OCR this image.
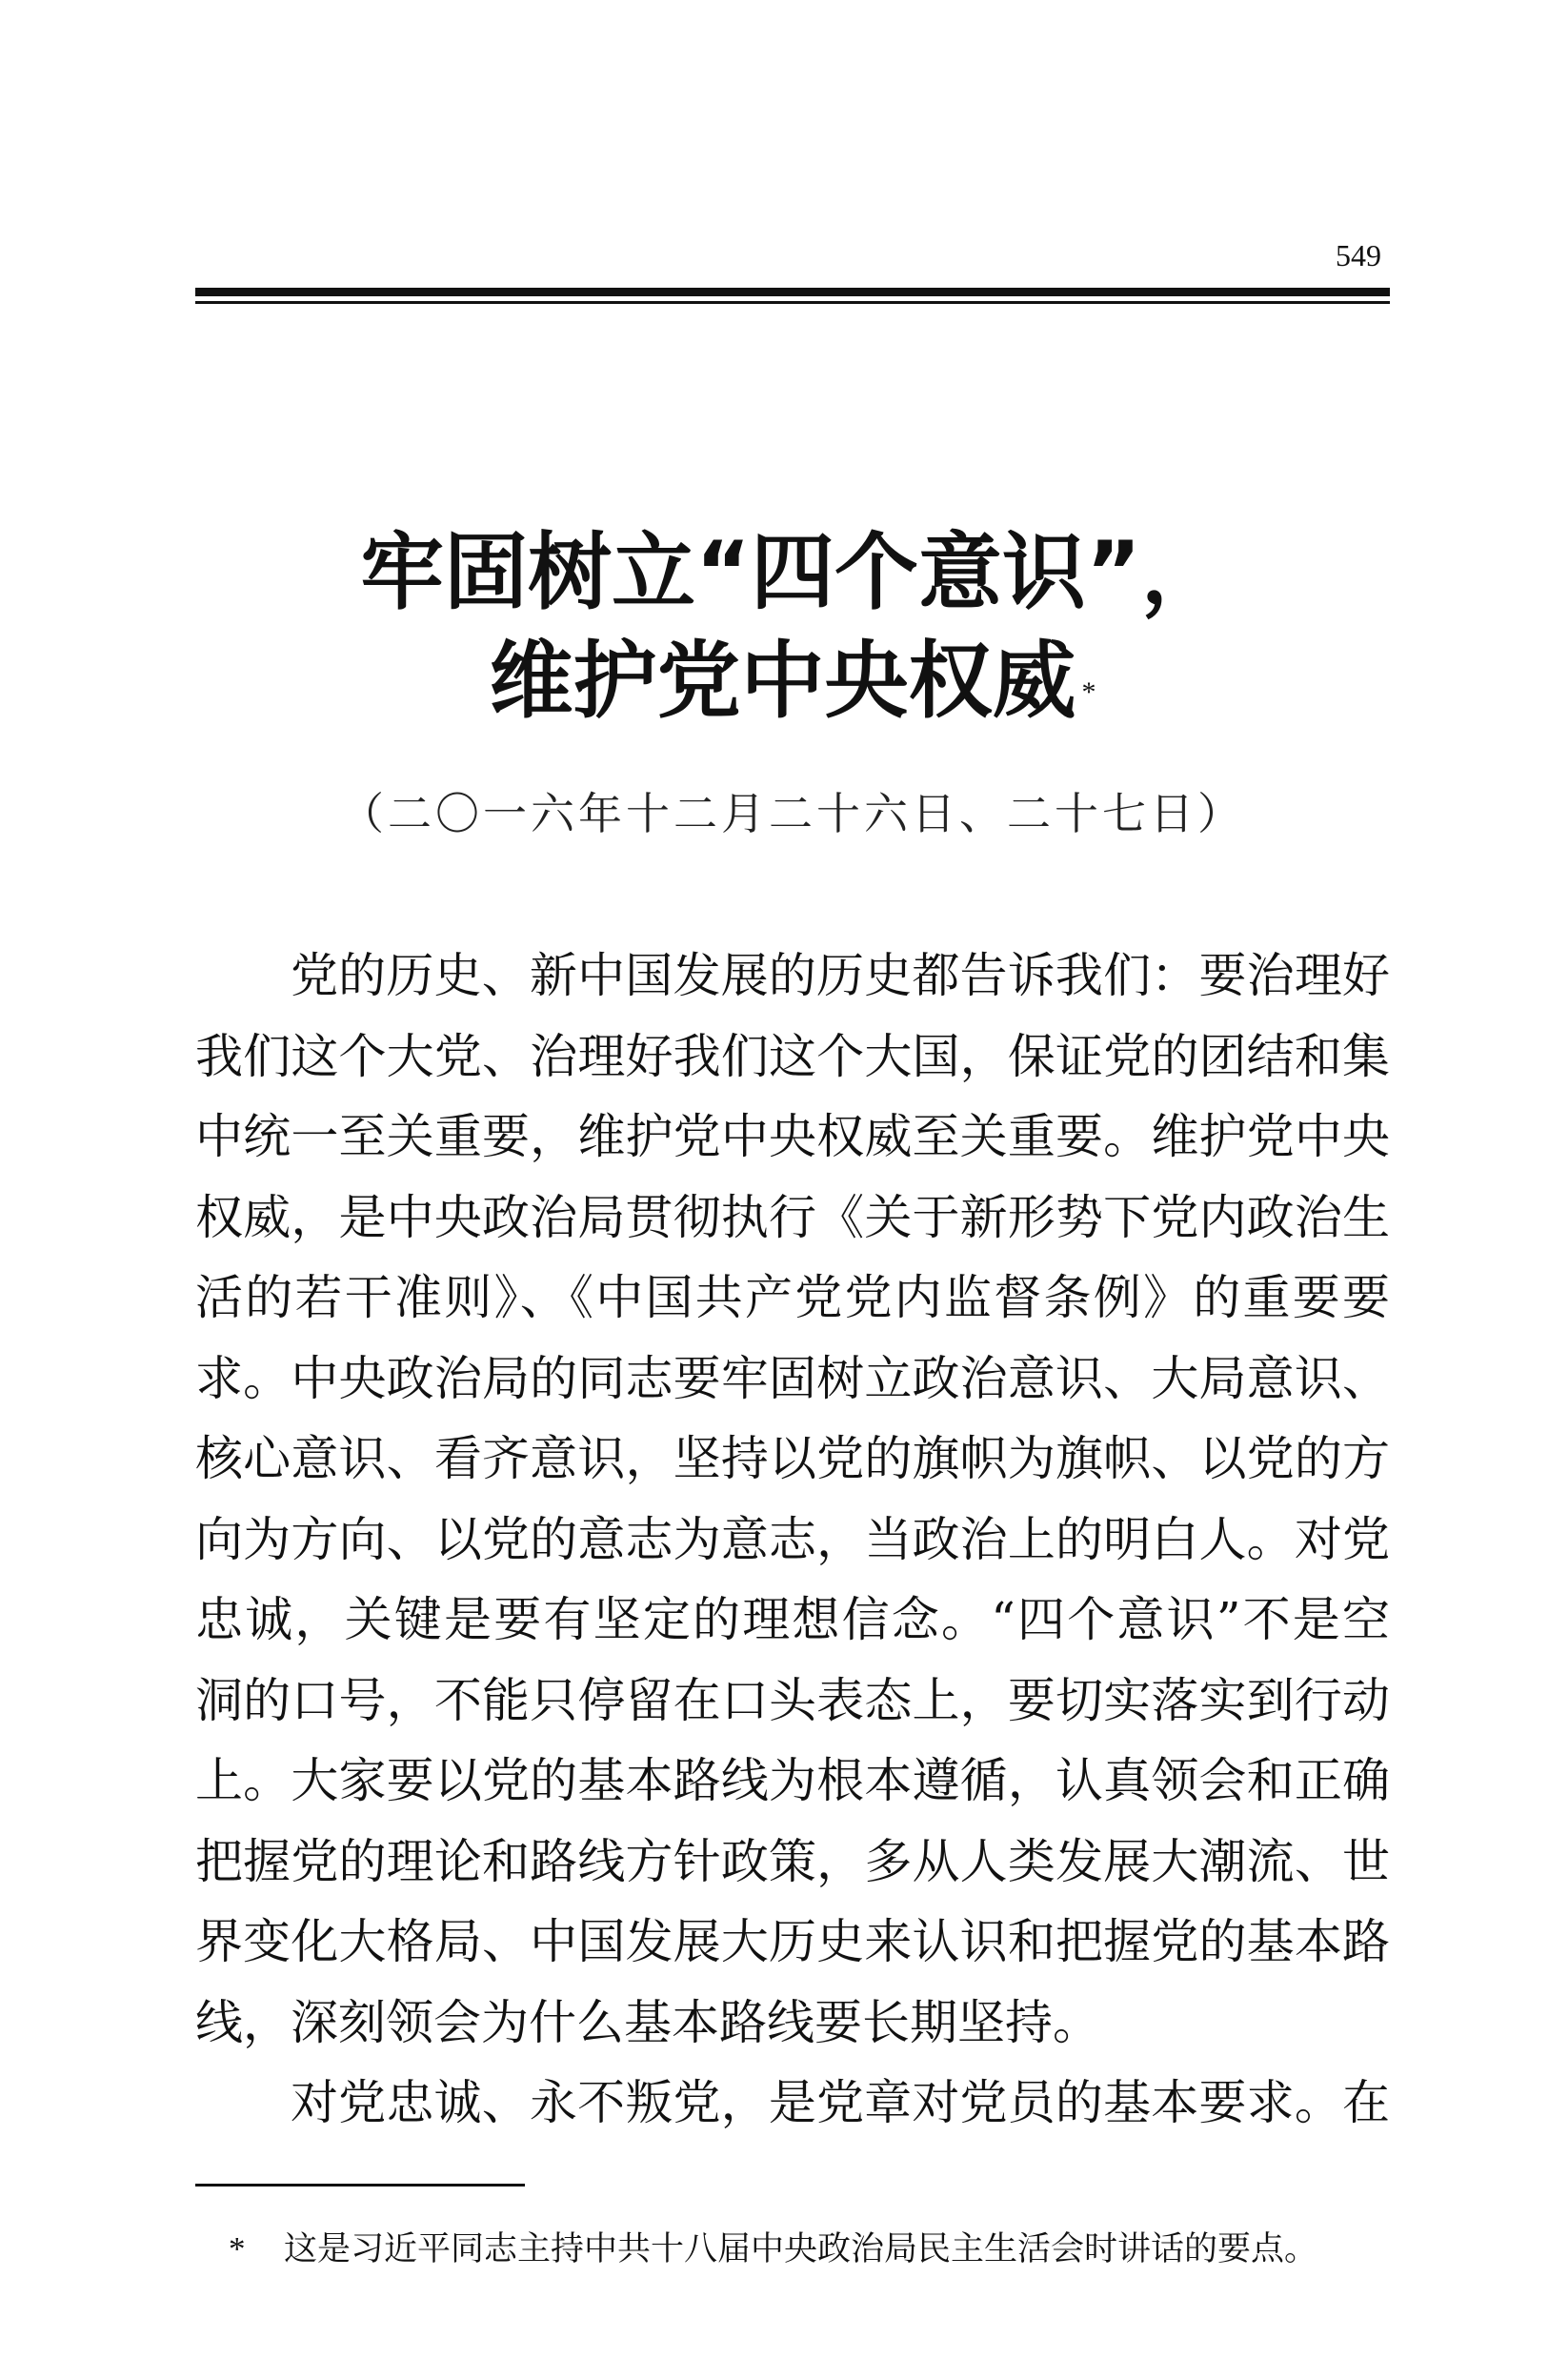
549
牢固树立“四个意识”，
维护党中央权威 *
（二〇一六年十二月二十六日、二十七日）
党的历史、新中国发展的历史都告诉我们：要治理好
我们这个大党、治理好我们这个大国，保证党的团结和集
中统一至关重要，维护党中央权威至关重要。维护党中央
权威，是中央政治局贯彻执行《关于新形势下党内政治生
活的若干准则》、《中国共产党党内监督条例》的重要要
求。中央政治局的同志要牢固树立政治意识、大局意识、
核心意识、看齐意识，坚持以党的旗帜为旗帜、以党的方
向为方向、以党的意志为意志，当政治上的明白人。对党
忠诚，关键是要有坚定的理想信念。“四个意识”不是空
洞的口号，不能只停留在口头表态上，要切实落实到行动
上。大家要以党的基本路线为根本遵循，认真领会和正确
把握党的理论和路线方针政策，多从人类发展大潮流、世
界变化大格局、中国发展大历史来认识和把握党的基本路
线，深刻领会为什么基本路线要长期坚持。
对党忠诚、永不叛党，是党章对党员的基本要求。在
* 这是习近平同志主持中共十八届中央政治局民主生活会时讲话的要点。
